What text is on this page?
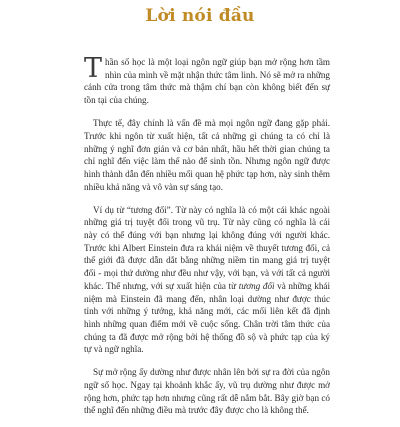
Lời nói đầu

Thần số học là một loại ngôn ngữ giúp bạn mở rộng hơn tầm nhìn của mình về mặt nhận thức tâm linh. Nó sẽ mở ra những cánh cửa trong tâm thức mà thậm chí bạn còn không biết đến sự tồn tại của chúng.

Thực tế, đây chính là vấn đề mà mọi ngôn ngữ đang gặp phải. Trước khi ngôn từ xuất hiện, tất cả những gì chúng ta có chỉ là những ý nghĩ đơn giản và cơ bản nhất, hầu hết thời gian chúng ta chỉ nghĩ đến việc làm thế nào để sinh tồn. Nhưng ngôn ngữ được hình thành dẫn đến nhiều mối quan hệ phức tạp hơn, này sinh thêm nhiều khả năng và vô vàn sự sáng tạo.

Ví dụ từ “tương đối”. Từ này có nghĩa là có một cái khác ngoài những giá trị tuyệt đối trong vũ trụ. Từ này cũng có nghĩa là cái này có thể đúng với bạn nhưng lại không đúng với người khác. Trước khi Albert Einstein đưa ra khái niệm về thuyết tương đối, cả thế giới đã được dẫn dắt bằng những niềm tin mang giá trị tuyệt đối - mọi thứ dường như đều như vậy, với bạn, và với tất cả người khác. Thế nhưng, với sự xuất hiện của từ tương đối và những khái niệm mà Einstein đã mang đến, nhân loại dường như được thúc tỉnh với những ý tưởng, khả năng mới, các mối liên kết đã định hình những quan điểm mới về cuộc sống. Chân trời tâm thức của chúng ta đã được mở rộng bởi hệ thống đồ sộ và phức tạp của ký tự và ngữ nghĩa.

Sự mở rộng ấy dường như được nhân lên bởi sự ra đời của ngôn ngữ số học. Ngay tại khoảnh khắc ấy, vũ trụ dường như được mở rộng hơn, phức tạp hơn nhưng cũng rất dễ nắm bắt. Bây giờ bạn có thể nghĩ đến những điều mà trước đây được cho là không thể.
